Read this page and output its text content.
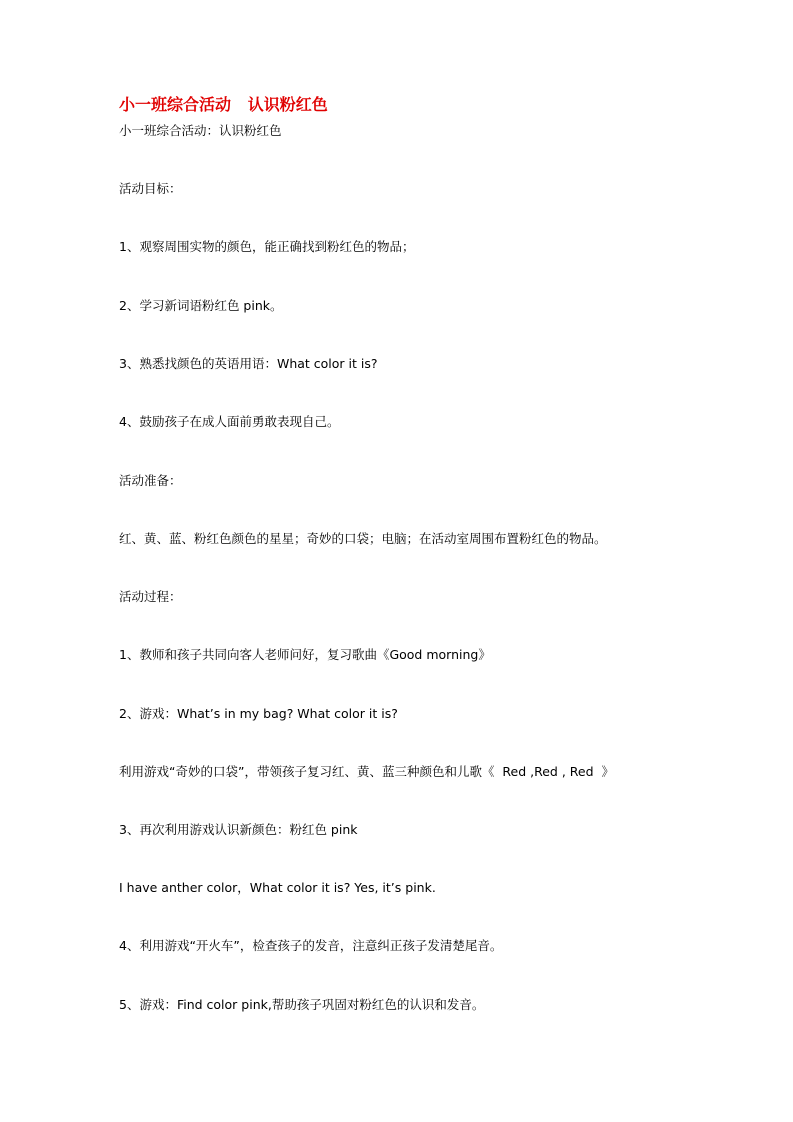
小一班综合活动   认识粉红色
小一班综合活动：认识粉红色
活动目标：
1、观察周围实物的颜色，能正确找到粉红色的物品；
2、学习新词语粉红色 pink。
3、熟悉找颜色的英语用语：What color it is?
4、鼓励孩子在成人面前勇敢表现自己。
活动准备：
红、黄、蓝、粉红色颜色的星星；奇妙的口袋；电脑；在活动室周围布置粉红色的物品。
活动过程：
1、教师和孩子共同向客人老师问好，复习歌曲《Good morning》
2、游戏：What’s in my bag? What color it is?
利用游戏“奇妙的口袋”，带领孩子复习红、黄、蓝三种颜色和儿歌《  Red ,Red , Red  》
3、再次利用游戏认识新颜色：粉红色 pink
I have anther color，What color it is? Yes, it’s pink.
4、利用游戏“开火车”，检查孩子的发音，注意纠正孩子发清楚尾音。
5、游戏：Find color pink,帮助孩子巩固对粉红色的认识和发音。
